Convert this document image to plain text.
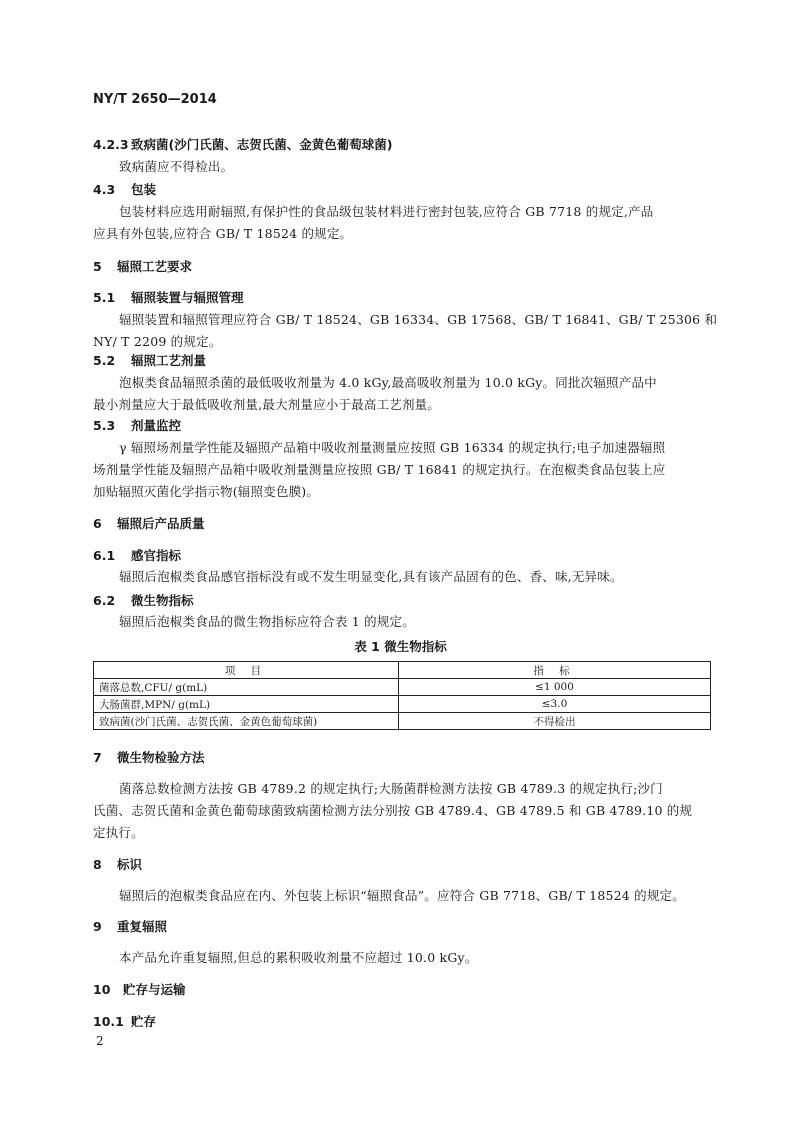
NY/T 2650—2014
4.2.3 致病菌(沙门氏菌、志贺氏菌、金黄色葡萄球菌)
致病菌应不得检出。
4.3 包装
包装材料应选用耐辐照,有保护性的食品级包装材料进行密封包装,应符合 GB 7718 的规定,产品
应具有外包装,应符合 GB/ T 18524 的规定。
5 辐照工艺要求
5.1 辐照装置与辐照管理
辐照装置和辐照管理应符合 GB/ T 18524、GB 16334、GB 17568、GB/ T 16841、GB/ T 25306 和
NY/ T 2209 的规定。
5.2 辐照工艺剂量
泡椒类食品辐照杀菌的最低吸收剂量为 4.0 kGy,最高吸收剂量为 10.0 kGy。同批次辐照产品中
最小剂量应大于最低吸收剂量,最大剂量应小于最高工艺剂量。
5.3 剂量监控
γ 辐照场剂量学性能及辐照产品箱中吸收剂量测量应按照 GB 16334 的规定执行;电子加速器辐照
场剂量学性能及辐照产品箱中吸收剂量测量应按照 GB/ T 16841 的规定执行。在泡椒类食品包装上应
加贴辐照灭菌化学指示物(辐照变色膜)。
6 辐照后产品质量
6.1 感官指标
辐照后泡椒类食品感官指标没有或不发生明显变化,具有该产品固有的色、香、味,无异味。
6.2 微生物指标
辐照后泡椒类食品的微生物指标应符合表 1 的规定。
表 1 微生物指标
项 目	指 标
菌落总数,CFU/ g(mL)	≤1 000
大肠菌群,MPN/ g(mL)	≤3.0
致病菌(沙门氏菌、志贺氏菌、金黄色葡萄球菌)	不得检出
7 微生物检验方法
菌落总数检测方法按 GB 4789.2 的规定执行;大肠菌群检测方法按 GB 4789.3 的规定执行;沙门
氏菌、志贺氏菌和金黄色葡萄球菌致病菌检测方法分别按 GB 4789.4、GB 4789.5 和 GB 4789.10 的规
定执行。
8 标识
辐照后的泡椒类食品应在内、外包装上标识“辐照食品”。应符合 GB 7718、GB/ T 18524 的规定。
9 重复辐照
本产品允许重复辐照,但总的累积吸收剂量不应超过 10.0 kGy。
10 贮存与运输
10.1 贮存
2
